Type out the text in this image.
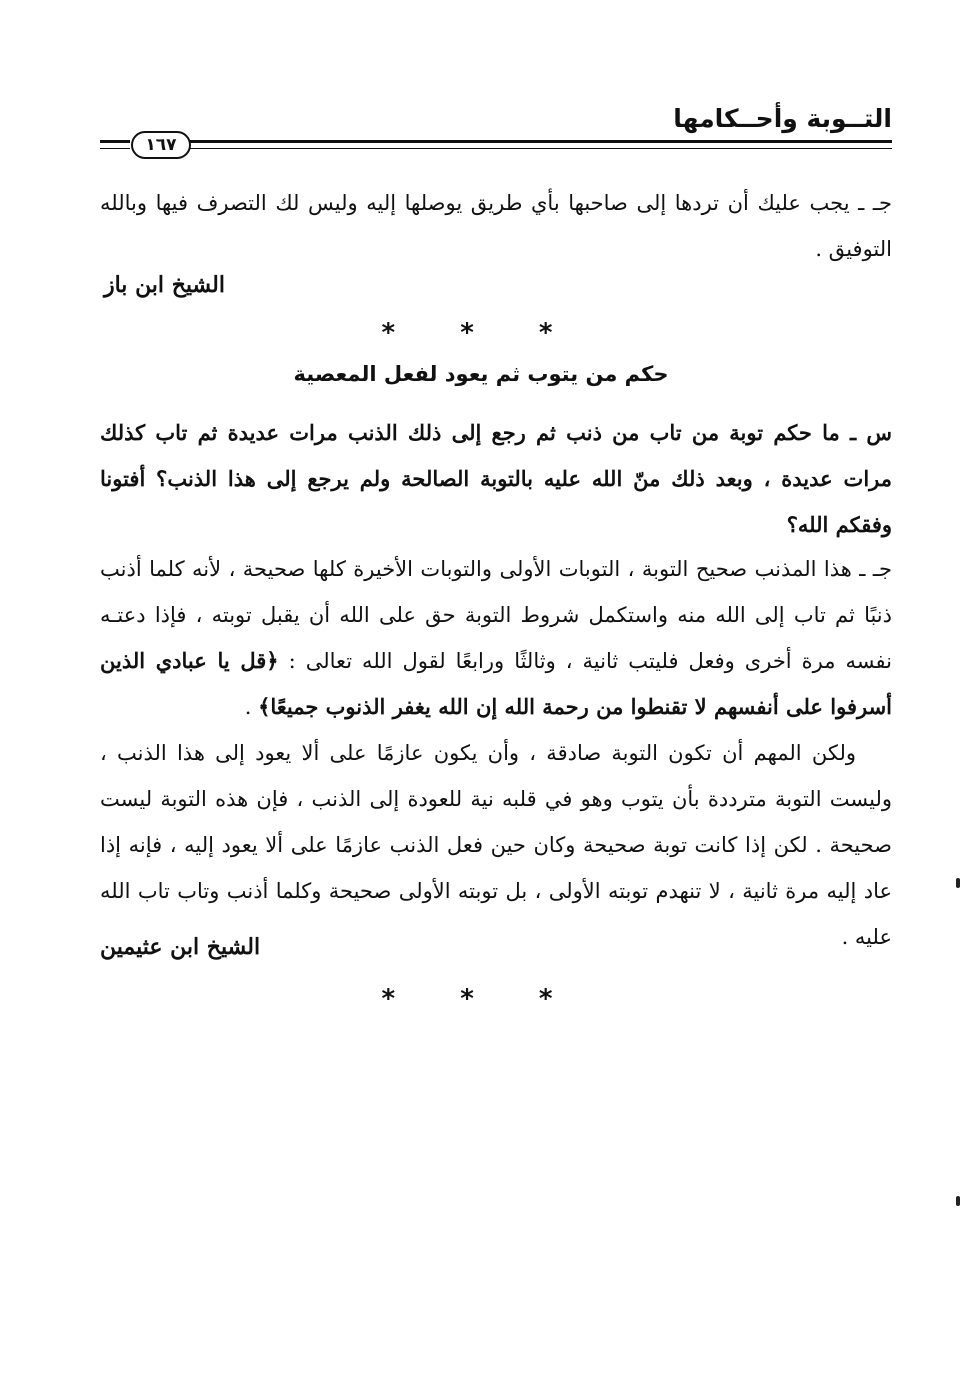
التــوبة وأحــكامها
١٦٧

جـ ـ يجب عليك أن تردها إلى صاحبها بأي طريق يوصلها إليه وليس لك التصرف فيها وبالله التوفيق .

الشيخ ابن باز
* * *
حكم من يتوب ثم يعود لفعل المعصية

س ـ ما حكم توبة من تاب من ذنب ثم رجع إلى ذلك الذنب مرات عديدة ثم تاب كذلك مرات عديدة ، وبعد ذلك منّ الله عليه بالتوبة الصالحة ولم يرجع إلى هذا الذنب؟ أفتونا وفقكم الله؟

جـ ـ هذا المذنب صحيح التوبة ، التوبات الأولى والتوبات الأخيرة كلها صحيحة ، لأنه كلما أذنب ذنبًا ثم تاب إلى الله منه واستكمل شروط التوبة حق على الله أن يقبل توبته ، فإذا دعتـه نفسه مرة أخرى وفعل فليتب ثانية ، وثالثًا ورابعًا لقول الله تعالى : ﴿قل يا عبادي الذين أسرفوا على أنفسهم لا تقنطوا من رحمة الله إن الله يغفر الذنوب جميعًا﴾ .

ولكن المهم أن تكون التوبة صادقة ، وأن يكون عازمًا على ألا يعود إلى هذا الذنب ، وليست التوبة مترددة بأن يتوب وهو في قلبه نية للعودة إلى الذنب ، فإن هذه التوبة ليست صحيحة . لكن إذا كانت توبة صحيحة وكان حين فعل الذنب عازمًا على ألا يعود إليه ، فإنه إذا عاد إليه مرة ثانية ، لا تنهدم توبته الأولى ، بل توبته الأولى صحيحة وكلما أذنب وتاب تاب الله عليه .

الشيخ ابن عثيمين
* * *
